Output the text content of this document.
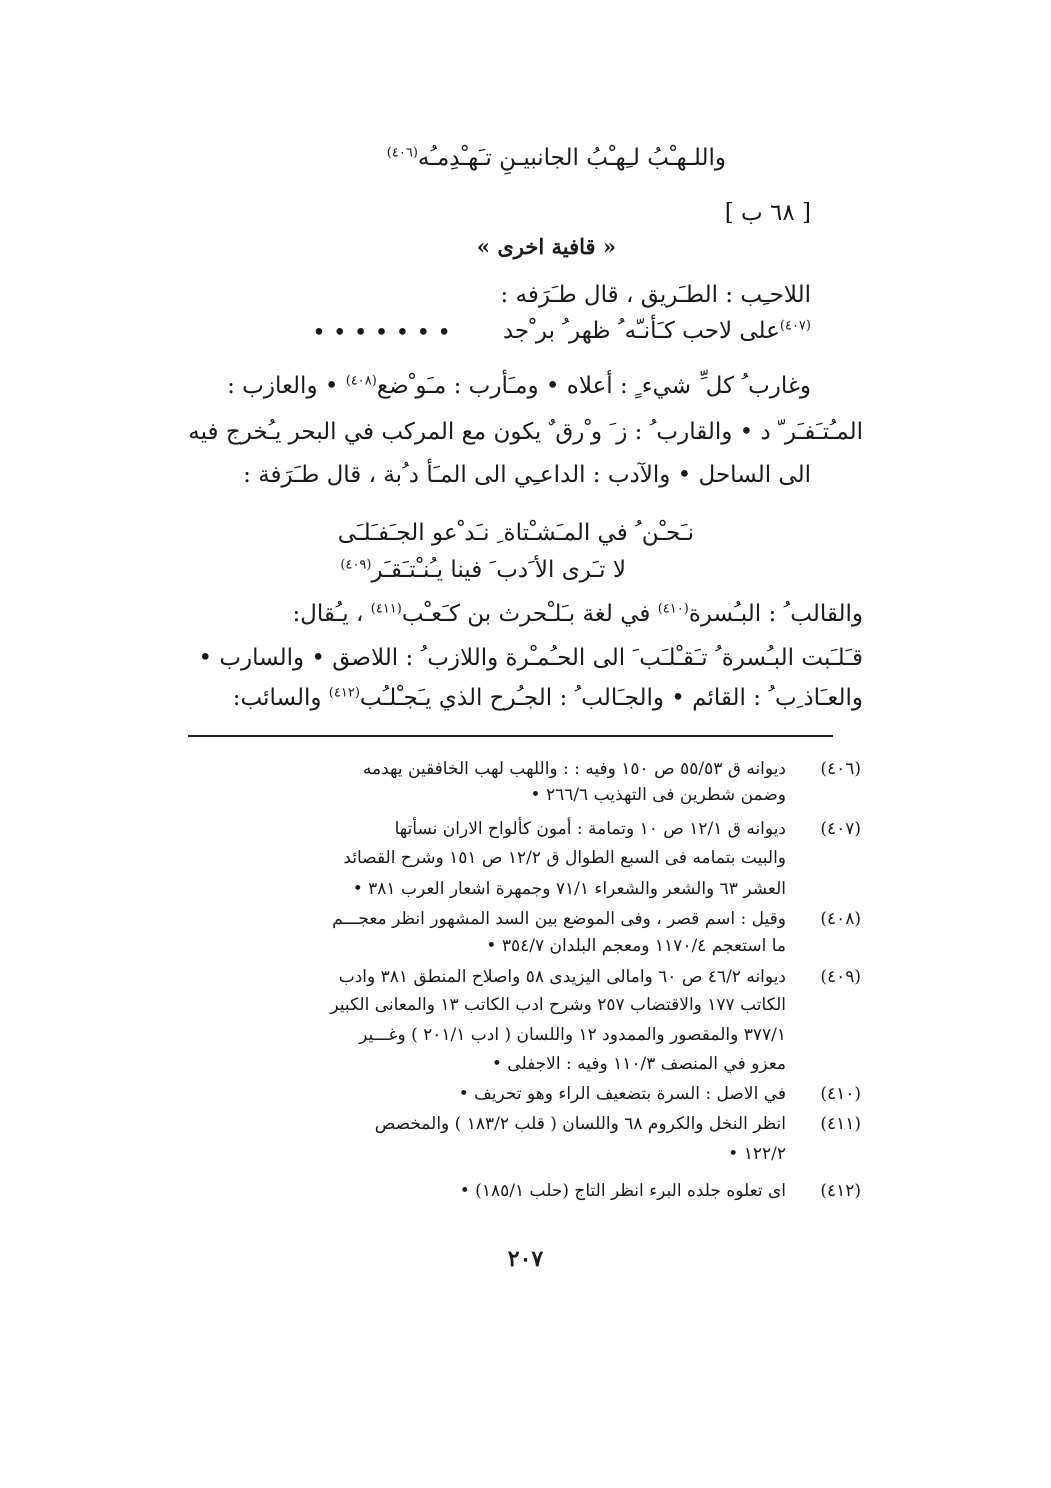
واللـهـْبُ لـِهـْبُ الجانبيـنِ تـَهـْدِمـُه$^{(٤٠٦)}$
[ ٦٨ ب ]
« قافية اخرى »
اللاحـِب : الطـَريق ، قال طـَرَفه :
• • • • • • •	$^{(٤٠٧)}$على لاحب كـَأنـّه ُ ظهر ُ بر ْجد
وغارب ُ كل ِّ شيء ٍ : أعلاه • ومـَأرب : مـَو ْضع$^{(٤٠٨)}$ • والعازب :
المـُتـَفـَر ّ د • والقارب ُ : ز َ و ْرق ٌ يكون مع المركب في البحر يـُخرج فيه
الى الساحل • والآدب : الداعـِي الى المـَأ د ُبة ، قال طـَرَفة :
نـَحـْن ُ في المـَشـْتاة ِ نـَد ْعو الجـَفـَلـَى
لا تـَرى الأ َدب َ فينا يـُنـْتـَقـَر$^{(٤٠٩)}$
والقالب ُ : البـُسرة$^{(٤١٠)}$ في لغة بـَلـْحرث بن كـَعـْب$^{(٤١١)}$ ، يـُقال:
قـَلـَبت البـُسرة ُ تـَقـْلـَب َ الى الحـُمـْرة واللازب ُ : اللاصق • والسارب •
والعـَاذ ِب ُ : القائم • والجـَالب ُ : الجـُرح الذي يـَجـْلـُب$^{(٤١٢)}$ والسائب:
(٤٠٦)
ديوانه ق ٥٥/٥٣ ص ١٥٠ وفيه : : واللهب لهب الخافقين يهدمه
وضمن شطرين فى التهذيب ٢٦٦/٦ •
(٤٠٧)
ديوانه ق ١٢/١ ص ١٠ وتمامة : أمون كألواح الاران نسأتها
والبيت بتمامه فى السبع الطوال ق ١٢/٢ ص ١٥١ وشرح القصائد
العشر ٦٣ والشعر والشعراء ٧١/١ وجمهرة اشعار العرب ٣٨١ •
(٤٠٨)
وقيل : اسم قصر ، وفى الموضع بين السد المشهور انظر معجـــم
ما استعجم ١١٧٠/٤ ومعجم البلدان ٣٥٤/٧ •
(٤٠٩)
ديوانه ٤٦/٢ ص ٦٠ وامالى اليزيدى ٥٨ واصلاح المنطق ٣٨١ وادب
الكاتب ١٧٧ والاقتضاب ٢٥٧ وشرح ادب الكاتب ١٣ والمعانى الكبير
٣٧٧/١ والمقصور والممدود ١٢ واللسان ( ادب ٢٠١/١ ) وغـــير
معزو في المنصف ١١٠/٣ وفيه : الاجفلى •
(٤١٠)
في الاصل : السرة بتضعيف الراء وهو تحريف •
(٤١١)
انظر النخل والكروم ٦٨ واللسان ( قلب ١٨٣/٢ ) والمخصص
١٢٢/٢ •
(٤١٢)
اى تعلوه جلده البرء انظر التاج (حلب ١٨٥/١) •
٢٠٧
